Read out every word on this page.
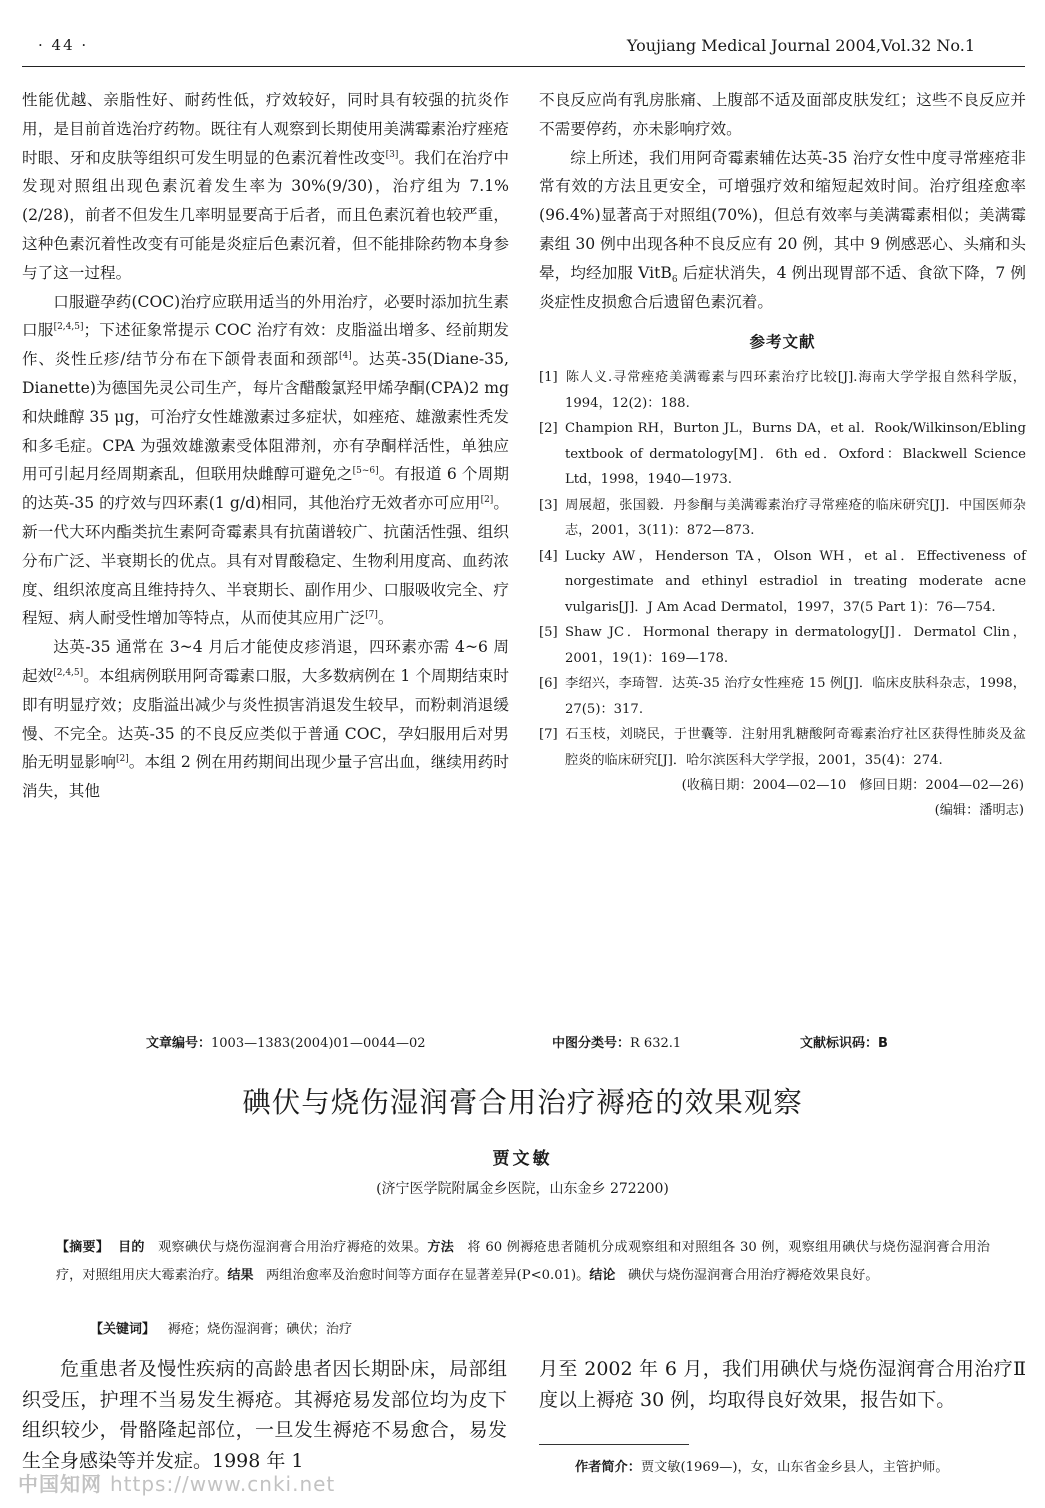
· 44 ·	Youjiang Medical Journal 2004,Vol.32 No.1

性能优越、亲脂性好、耐药性低，疗效较好，同时具有较强的抗炎作用，是目前首选治疗药物。既往有人观察到长期使用美满霉素治疗痤疮时眼、牙和皮肤等组织可发生明显的色素沉着性改变[3]。我们在治疗中发现对照组出现色素沉着发生率为 30%(9/30)，治疗组为 7.1%(2/28)，前者不但发生几率明显要高于后者，而且色素沉着也较严重，这种色素沉着性改变有可能是炎症后色素沉着，但不能排除药物本身参与了这一过程。

口服避孕药(COC)治疗应联用适当的外用治疗，必要时添加抗生素口服[2,4,5]；下述征象常提示 COC 治疗有效：皮脂溢出增多、经前期发作、炎性丘疹/结节分布在下颌骨表面和颈部[4]。达英-35(Diane-35, Dianette)为德国先灵公司生产，每片含醋酸氯羟甲烯孕酮(CPA)2 mg 和炔雌醇 35 μg，可治疗女性雄激素过多症状，如痤疮、雄激素性秃发和多毛症。CPA 为强效雄激素受体阻滞剂，亦有孕酮样活性，单独应用可引起月经周期紊乱，但联用炔雌醇可避免之[5~6]。有报道 6 个周期的达英-35 的疗效与四环素(1 g/d)相同，其他治疗无效者亦可应用[2]。新一代大环内酯类抗生素阿奇霉素具有抗菌谱较广、抗菌活性强、组织分布广泛、半衰期长的优点。具有对胃酸稳定、生物利用度高、血药浓度、组织浓度高且维持持久、半衰期长、副作用少、口服吸收完全、疗程短、病人耐受性增加等特点，从而使其应用广泛[7]。

达英-35 通常在 3~4 月后才能使皮疹消退，四环素亦需 4~6 周起效[2,4,5]。本组病例联用阿奇霉素口服，大多数病例在 1 个周期结束时即有明显疗效；皮脂溢出减少与炎性损害消退发生较早，而粉刺消退缓慢、不完全。达英-35 的不良反应类似于普通 COC，孕妇服用后对男胎无明显影响[2]。本组 2 例在用药期间出现少量子宫出血，继续用药时消失，其他

不良反应尚有乳房胀痛、上腹部不适及面部皮肤发红；这些不良反应并不需要停药，亦未影响疗效。

综上所述，我们用阿奇霉素辅佐达英-35 治疗女性中度寻常痤疮非常有效的方法且更安全，可增强疗效和缩短起效时间。治疗组痊愈率(96.4%)显著高于对照组(70%)，但总有效率与美满霉素相似；美满霉素组 30 例中出现各种不良反应有 20 例，其中 9 例感恶心、头痛和头晕，均经加服 VitB$_6$ 后症状消失，4 例出现胃部不适、食欲下降，7 例炎症性皮损愈合后遗留色素沉着。

参考文献
[1] 陈人义.寻常痤疮美满霉素与四环素治疗比较[J].海南大学学报自然科学版，1994，12(2)：188.
[2] Champion RH，Burton JL，Burns DA，et al．Rook/Wilkinson/Ebling textbook of dermatology[M]．6th ed．Oxford：Blackwell Science Ltd，1998，1940—1973.
[3] 周展超，张国毅．丹参酮与美满霉素治疗寻常痤疮的临床研究[J]．中国医师杂志，2001，3(11)：872—873.
[4] Lucky AW，Henderson TA，Olson WH，et al．Effectiveness of norgestimate and ethinyl estradiol in treating moderate acne vulgaris[J]．J Am Acad Dermatol，1997，37(5 Part 1)：76—754.
[5] Shaw JC．Hormonal therapy in dermatology[J]．Dermatol Clin，2001，19(1)：169—178.
[6] 李绍兴，李琦智．达英-35 治疗女性痤疮 15 例[J]．临床皮肤科杂志，1998，27(5)：317.
[7] 石玉枝，刘晓民，于世囊等．注射用乳糖酸阿奇霉素治疗社区获得性肺炎及盆腔炎的临床研究[J]．哈尔滨医科大学学报，2001，35(4)：274.
(收稿日期：2004—02—10　修回日期：2004—02—26)
(编辑：潘明志)
文章编号：1003—1383(2004)01—0044—02	中图分类号：R 632.1	文献标识码：B
碘伏与烧伤湿润膏合用治疗褥疮的效果观察
贾文敏
(济宁医学院附属金乡医院，山东金乡 272200)

【摘要】 目的 观察碘伏与烧伤湿润膏合用治疗褥疮的效果。方法 将 60 例褥疮患者随机分成观察组和对照组各 30 例，观察组用碘伏与烧伤湿润膏合用治疗，对照组用庆大霉素治疗。结果 两组治愈率及治愈时间等方面存在显著差异(P<0.01)。结论 碘伏与烧伤湿润膏合用治疗褥疮效果良好。

【关键词】 褥疮；烧伤湿润膏；碘伏；治疗
危重患者及慢性疾病的高龄患者因长期卧床，局部组织受压，护理不当易发生褥疮。其褥疮易发部位均为皮下组织较少，骨骼隆起部位，一旦发生褥疮不易愈合，易发生全身感染等并发症。1998 年 1
月至 2002 年 6 月，我们用碘伏与烧伤湿润膏合用治疗Ⅱ度以上褥疮 30 例，均取得良好效果，报告如下。
作者简介：贾文敏(1969—)，女，山东省金乡县人，主管护师。
中国知网 https://www.cnki.net
